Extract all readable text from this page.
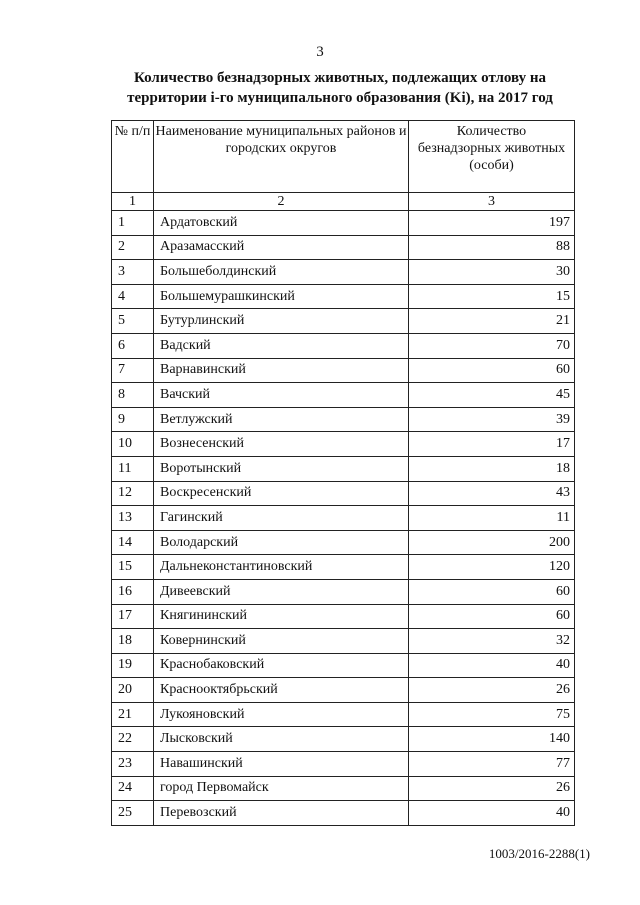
3
Количество безнадзорных животных, подлежащих отлову на
территории i-го муниципального образования (Ki), на 2017 год
№ п/п	Наименование муниципальных районов и городских округов	Количество безнадзорных животных (особи)
1	2	3
1	Ардатовский	197
2	Аразамасский	88
3	Большеболдинский	30
4	Большемурашкинский	15
5	Бутурлинский	21
6	Вадский	70
7	Варнавинский	60
8	Вачский	45
9	Ветлужский	39
10	Вознесенский	17
11	Воротынский	18
12	Воскресенский	43
13	Гагинский	11
14	Володарский	200
15	Дальнеконстантиновский	120
16	Дивеевский	60
17	Княгининский	60
18	Ковернинский	32
19	Краснобаковский	40
20	Краснооктябрьский	26
21	Лукояновский	75
22	Лысковский	140
23	Навашинский	77
24	город Первомайск	26
25	Перевозский	40
1003/2016-2288(1)
